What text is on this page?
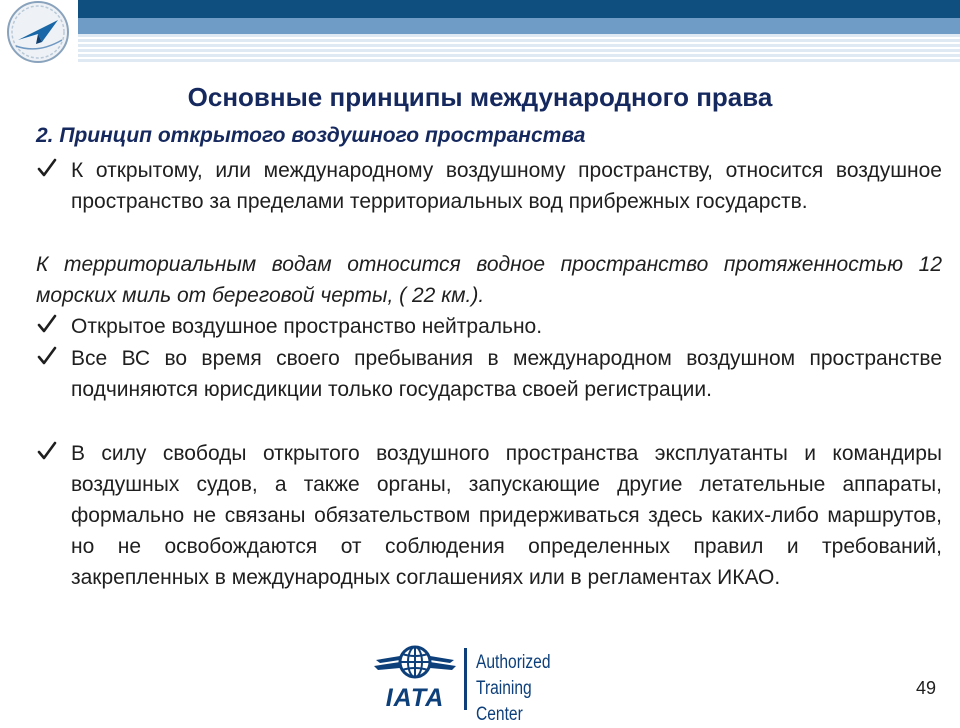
Основные принципы международного права
2. Принцип открытого воздушного пространства
К открытому, или международному воздушному пространству, относится воздушное пространство за пределами территориальных вод прибрежных государств.
К территориальным водам относится водное пространство протяженностью 12 морских миль от береговой черты, ( 22 км.).
Открытое воздушное пространство нейтрально.
Все ВС во время своего пребывания в международном воздушном пространстве подчиняются юрисдикции только государства своей регистрации.
В силу свободы открытого воздушного пространства эксплуатанты и командиры воздушных судов, а также органы, запускающие другие летательные аппараты, формально не связаны обязательством придерживаться здесь каких-либо маршрутов, но не освобождаются от соблюдения определенных правил и требований, закрепленных в международных соглашениях или в регламентах ИКАО.
IATA
Authorized
Training Center
49
